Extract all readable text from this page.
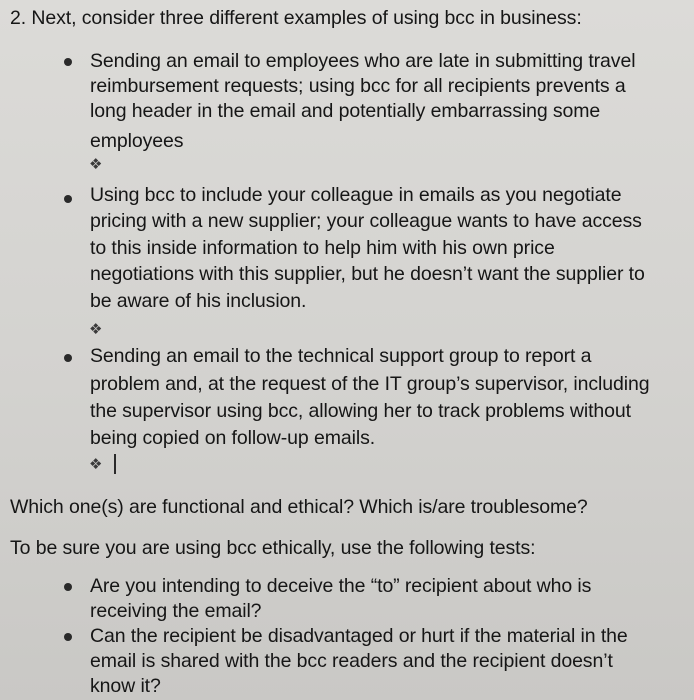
2. Next, consider three different examples of using bcc in business:
Sending an email to employees who are late in submitting travel
reimbursement requests; using bcc for all recipients prevents a
long header in the email and potentially embarrassing some
employees
❖
Using bcc to include your colleague in emails as you negotiate
pricing with a new supplier; your colleague wants to have access
to this inside information to help him with his own price
negotiations with this supplier, but he doesn’t want the supplier to
be aware of his inclusion.
❖
Sending an email to the technical support group to report a
problem and, at the request of the IT group’s supervisor, including
the supervisor using bcc, allowing her to track problems without
being copied on follow-up emails.
❖
Which one(s) are functional and ethical? Which is/are troublesome?
To be sure you are using bcc ethically, use the following tests:
Are you intending to deceive the “to” recipient about who is
receiving the email?
Can the recipient be disadvantaged or hurt if the material in the
email is shared with the bcc readers and the recipient doesn’t
know it?
